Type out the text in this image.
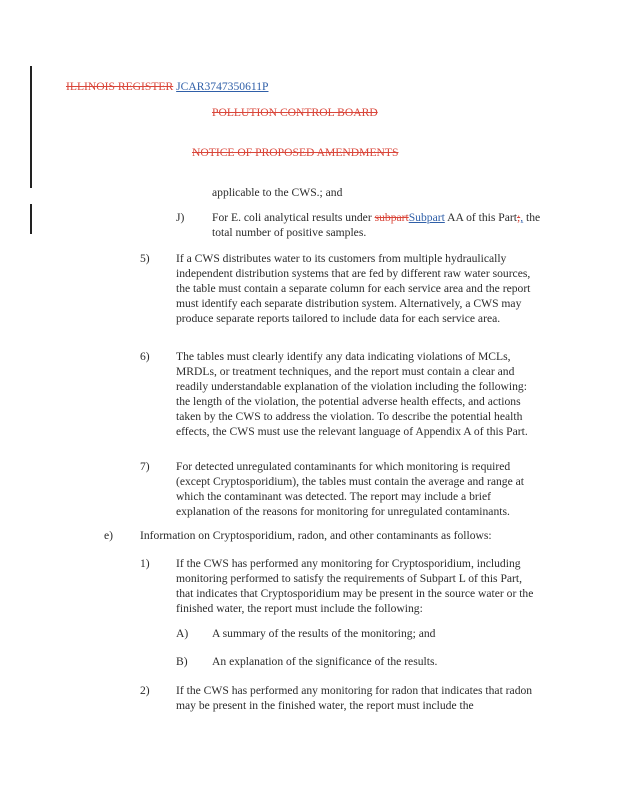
ILLINOIS REGISTER JCAR3747350611P
POLLUTION CONTROL BOARD
NOTICE OF PROPOSED AMENDMENTS
applicable to the CWS.; and
J) For E. coli analytical results under subpartSubpart AA of this Part;, the total number of positive samples.
5) If a CWS distributes water to its customers from multiple hydraulically independent distribution systems that are fed by different raw water sources, the table must contain a separate column for each service area and the report must identify each separate distribution system. Alternatively, a CWS may produce separate reports tailored to include data for each service area.
6) The tables must clearly identify any data indicating violations of MCLs, MRDLs, or treatment techniques, and the report must contain a clear and readily understandable explanation of the violation including the following: the length of the violation, the potential adverse health effects, and actions taken by the CWS to address the violation. To describe the potential health effects, the CWS must use the relevant language of Appendix A of this Part.
7) For detected unregulated contaminants for which monitoring is required (except Cryptosporidium), the tables must contain the average and range at which the contaminant was detected. The report may include a brief explanation of the reasons for monitoring for unregulated contaminants.
e) Information on Cryptosporidium, radon, and other contaminants as follows:
1) If the CWS has performed any monitoring for Cryptosporidium, including monitoring performed to satisfy the requirements of Subpart L of this Part, that indicates that Cryptosporidium may be present in the source water or the finished water, the report must include the following:
A) A summary of the results of the monitoring; and
B) An explanation of the significance of the results.
2) If the CWS has performed any monitoring for radon that indicates that radon may be present in the finished water, the report must include the
